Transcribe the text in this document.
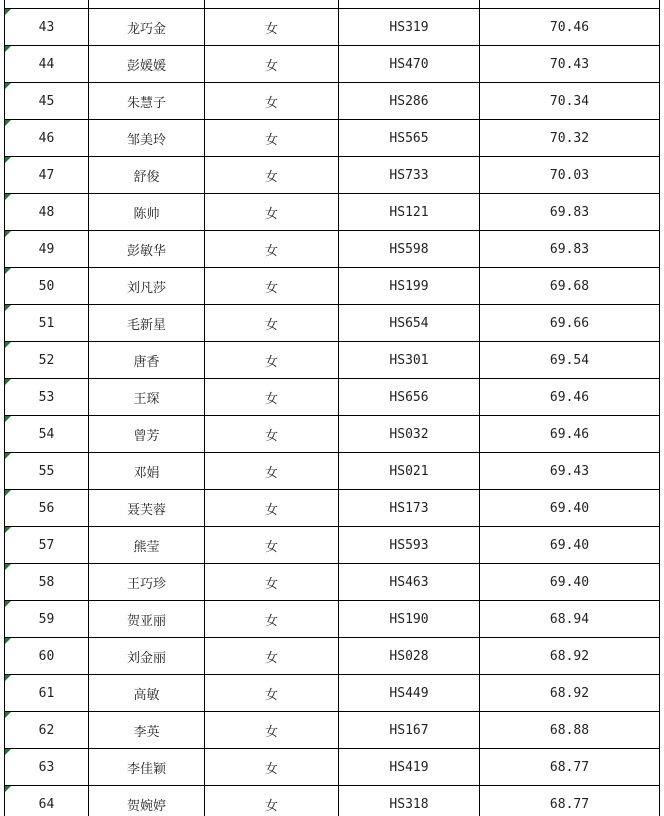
43	龙巧金	女	HS319	70.46
44	彭媛媛	女	HS470	70.43
45	朱慧子	女	HS286	70.34
46	邹美玲	女	HS565	70.32
47	舒俊	女	HS733	70.03
48	陈帅	女	HS121	69.83
49	彭敏华	女	HS598	69.83
50	刘凡莎	女	HS199	69.68
51	毛新星	女	HS654	69.66
52	唐香	女	HS301	69.54
53	王琛	女	HS656	69.46
54	曾芳	女	HS032	69.46
55	邓娟	女	HS021	69.43
56	聂芙蓉	女	HS173	69.40
57	熊莹	女	HS593	69.40
58	王巧珍	女	HS463	69.40
59	贺亚丽	女	HS190	68.94
60	刘金丽	女	HS028	68.92
61	高敏	女	HS449	68.92
62	李英	女	HS167	68.88
63	李佳颖	女	HS419	68.77
64	贺婉婷	女	HS318	68.77
